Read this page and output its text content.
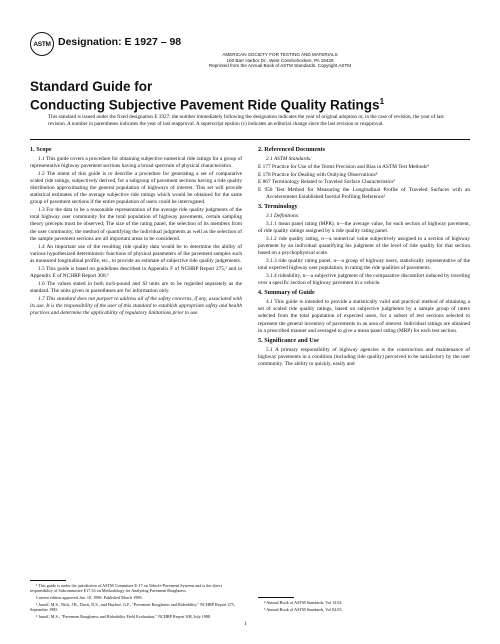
ASTM Designation: E 1927 – 98
AMERICAN SOCIETY FOR TESTING AND MATERIALS
100 Barr Harbor Dr., West Conshohocken, PA 19428
Reprinted from the Annual Book of ASTM Standards. Copyright ASTM
Standard Guide for
Conducting Subjective Pavement Ride Quality Ratings$^1$
This standard is issued under the fixed designation E 1927; the number immediately following the designation indicates the year of original adoption or, in the case of revision, the year of last revision. A number in parentheses indicates the year of last reapproval. A superscript epsilon (ε) indicates an editorial change since the last revision or reapproval.
1. Scope

1.1 This guide covers a procedure for obtaining subjective numerical ride ratings for a group of representative highway pavement sections having a broad spectrum of physical characteristics.

1.2 The intent of this guide is to describe a procedure for generating a set of comparative scaled ride ratings, subjectively derived, for a subgroup of pavement sections having a ride quality distribution approximating the general population of highways of interest. This set will provide statistical estimates of the average subjective ride ratings which would be obtained for the same group of pavement sections if the entire population of users could be interrogated.

1.3 For the data to be a reasonable representation of the average ride quality judgments of the total highway user community for the total population of highway pavements, certain sampling theory precepts must be observed; The size of the rating panel, the selection of its members from the user community, the method of quantifying the individual judgments as well as the selection of the sample pavement sections are all important areas to be considered.

1.4 An important use of the resulting ride quality data would be to determine the ability of various hypothesized deterministic functions of physical parameters of the pavement samples such as measured longitudinal profile, etc., to provide an estimate of subjective ride quality judgements.

1.5 This guide is based on guidelines described in Appendix F of NCHRP Report 275,² and in Appendix E of NCHRP Report 308.³

1.6 The values stated in both inch-pound and SI units are to be regarded separately as the standard. The units given in parentheses are for information only.

1.7 This standard does not purport to address all of the safety concerns, if any, associated with its use. It is the responsibility of the user of this standard to establish appropriate safety and health practices and determine the applicability of regulatory limitations prior to use.

¹ This guide is under the jurisdiction of ASTM Committee E-17 on Vehicle-Pavement Systems and is the direct responsibility of Subcommittee E17.33 on Methodology for Analyzing Pavement Roughness.

Current edition approved Jan. 10, 1998. Published March 1999.

² Janoff, M.S., Nick, J.B., Davit, D.S., and Hayhoe, G.F., "Pavement Roughness and Rideability," NCHRP Report 275, September 1985.

³ Janoff, M.S., "Pavement Roughness and Rideability Field Evaluation," NCHRP Report 308, July 1988.

2. Referenced Documents

2.1 ASTM Standards:

E 177 Practice for Use of the Terms Precision and Bias in ASTM Test Methods⁴
E 178 Practice for Dealing with Outlying Observations⁴
E 867 Terminology Related to Traveled Surface Characteristics⁵
E 950 Test Method for Measuring the Longitudinal Profile of Traveled Surfaces with an Accelerometer Established Inertial Profiling Reference⁵
3. Terminology

3.1 Definitions:

3.1.1 mean panel rating (MPR), n—the average value, for each section of highway pavement, of ride quality ratings assigned by a ride quality rating panel.

3.1.2 ride quality rating, n—a numerical value subjectively assigned to a section of highway pavement by an individual quantifying his judgment of the level of ride quality for that section based on a psychophysical scale.

3.1.3 ride quality rating panel, n—a group of highway users, statistically representative of the total expected highway user population, in rating the ride qualities of pavements.

3.1.4 rideability, n—a subjective judgment of the comparative discomfort induced by traveling over a specific section of highway pavement in a vehicle.

4. Summary of Guide

4.1 This guide is intended to provide a statistically valid and practical method of obtaining a set of scaled ride quality ratings, based on subjective judgments by a sample group of raters selected from the total population of expected users, for a subset of test sections selected to represent the general inventory of pavements in an area of interest. Individual ratings are obtained in a prescribed manner and averaged to give a mean panel rating (MRP) for each test section.

5. Significance and Use

5.1 A primary responsibility of highway agencies is the construction and maintenance of highway pavements in a condition (including ride quality) perceived to be satisfactory by the user community. The ability to quickly, easily and

⁴ Annual Book of ASTM Standards, Vol 14.02.

⁵ Annual Book of ASTM Standards, Vol 04.03.

1
